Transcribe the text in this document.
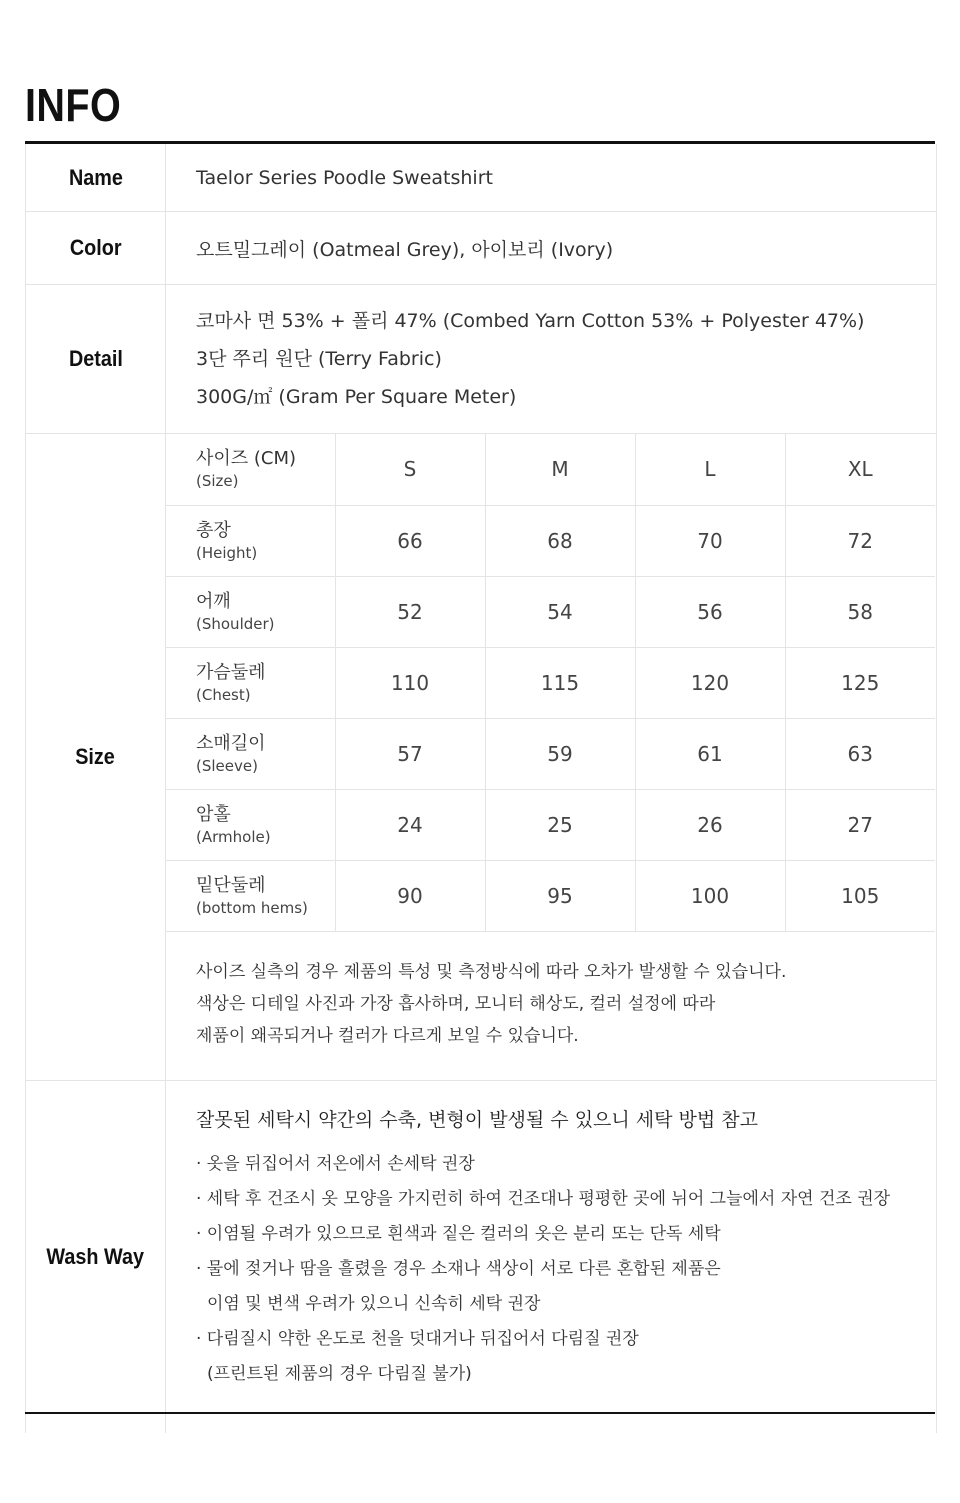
INFO
Name	Taelor Series Poodle Sweatshirt
Color	오트밀그레이 (Oatmeal Grey), 아이보리 (Ivory)
Detail
코마사 면 53% + 폴리 47% (Combed Yarn Cotton 53% + Polyester 47%)
3단 쭈리 원단 (Terry Fabric)
300G/㎡ (Gram Per Square Meter)
Size
사이즈 (CM)
(Size)	S	M	L	XL

총장
(Height)	66	68	70	72

어깨
(Shoulder)	52	54	56	58

가슴둘레
(Chest)	110	115	120	125

소매길이
(Sleeve)	57	59	61	63

암홀
(Armhole)	24	25	26	27

밑단둘레
(bottom hems)	90	95	100	105
사이즈 실측의 경우 제품의 특성 및 측정방식에 따라 오차가 발생할 수 있습니다.
색상은 디테일 사진과 가장 흡사하며, 모니터 해상도, 컬러 설정에 따라
제품이 왜곡되거나 컬러가 다르게 보일 수 있습니다.
Wash Way
잘못된 세탁시 약간의 수축, 변형이 발생될 수 있으니 세탁 방법 참고
· 옷을 뒤집어서 저온에서 손세탁 권장
· 세탁 후 건조시 옷 모양을 가지런히 하여 건조대나 평평한 곳에 뉘어 그늘에서 자연 건조 권장
· 이염될 우려가 있으므로 흰색과 짙은 컬러의 옷은 분리 또는 단독 세탁
· 물에 젖거나 땀을 흘렸을 경우 소재나 색상이 서로 다른 혼합된 제품은
이염 및 변색 우려가 있으니 신속히 세탁 권장
· 다림질시 약한 온도로 천을 덧대거나 뒤집어서 다림질 권장
(프린트된 제품의 경우 다림질 불가)
